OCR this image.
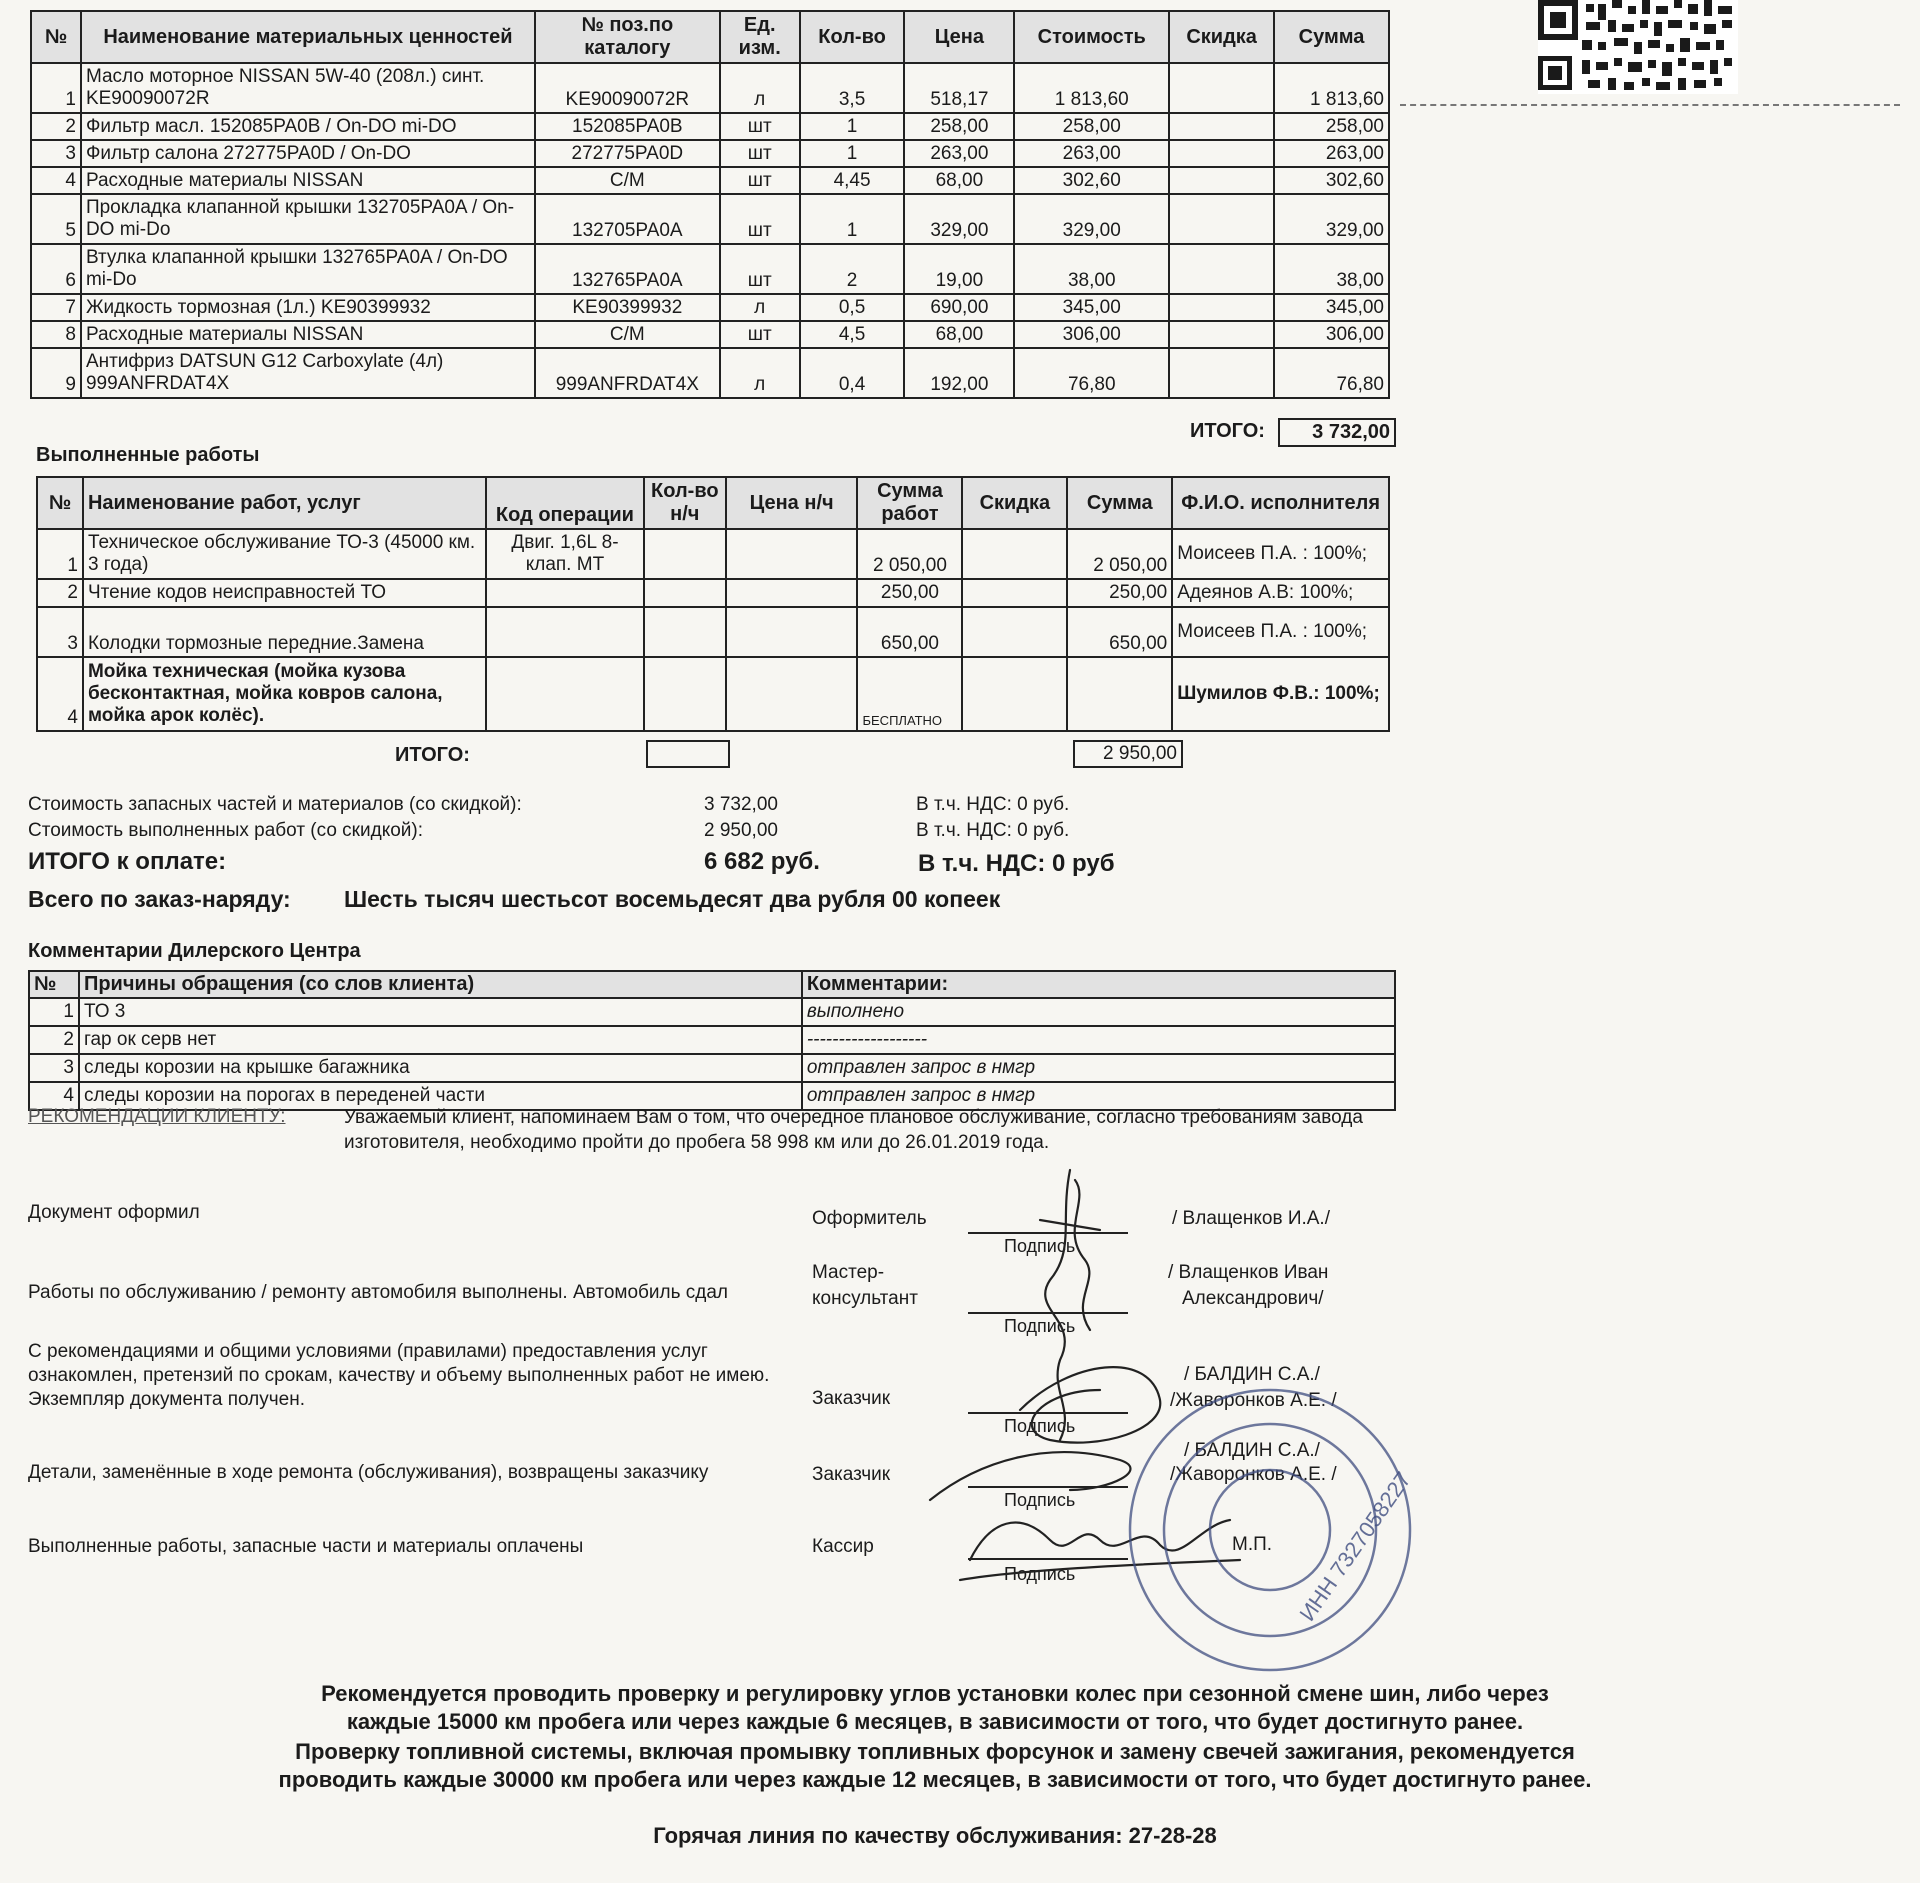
№	Наименование материальных ценностей	№ поз.по каталогу	Ед. изм.	Кол-во	Цена	Стоимость	Скидка	Сумма
1	Масло моторное NISSAN 5W-40 (208л.) синт. KE90090072R	KE90090072R	л	3,5	518,17	1 813,60		1 813,60
2	Фильтр масл. 152085PA0B / On-DO mi-DO	152085PA0B	шт	1	258,00	258,00		258,00
3	Фильтр салона 272775PA0D / On-DO	272775PA0D	шт	1	263,00	263,00		263,00
4	Расходные материалы NISSAN	C/M	шт	4,45	68,00	302,60		302,60
5	Прокладка клапанной крышки 132705PA0A / On-DO mi-Do	132705PA0A	шт	1	329,00	329,00		329,00
6	Втулка клапанной крышки 132765PA0A / On-DO mi-Do	132765PA0A	шт	2	19,00	38,00		38,00
7	Жидкость тормозная (1л.) KE90399932	KE90399932	л	0,5	690,00	345,00		345,00
8	Расходные материалы NISSAN	C/M	шт	4,5	68,00	306,00		306,00
9	Антифриз DATSUN G12 Carboxylate (4л) 999ANFRDAT4X	999ANFRDAT4X	л	0,4	192,00	76,80		76,80
ИТОГО:	3 732,00
Выполненные работы
№	Наименование работ, услуг	Код операции	Кол-во н/ч	Цена н/ч	Сумма работ	Скидка	Сумма	Ф.И.О. исполнителя
1	Техническое обслуживание ТО-3 (45000 км. 3 года)	Двиг. 1,6L 8-клап. MT			2 050,00		2 050,00	Моисеев П.А. : 100%;
2	Чтение кодов неисправностей ТО				250,00		250,00	Адеянов А.В: 100%;
3	Колодки тормозные передние.Замена				650,00		650,00	Моисеев П.А. : 100%;
4	Мойка техническая (мойка кузова бесконтактная, мойка ковров салона, мойка арок колёс).				БЕСПЛАТНО			Шумилов Ф.В.: 100%;
ИТОГО:	2 950,00
Стоимость запасных частей и материалов (со скидкой):	3 732,00	В т.ч. НДС: 0 руб.
Стоимость выполненных работ (со скидкой):	2 950,00	В т.ч. НДС: 0 руб.
ИТОГО к оплате:	6 682 руб.	В т.ч. НДС: 0 руб
Всего по заказ-наряду: Шесть тысяч шестьсот восемьдесят два рубля 00 копеек
Комментарии Дилерского Центра
№	Причины обращения (со слов клиента)	Комментарии:
1	ТО 3	выполнено
2	гар ок серв нет	-------------------
3	следы корозии на крышке багажника	отправлен запрос в нмгр
4	следы корозии на порогах в переденей части	отправлен запрос в нмгр
РЕКОМЕНДАЦИИ КЛИЕНТУ:	Уважаемый клиент, напоминаем Вам о том, что очередное плановое обслуживание, согласно требованиям завода изготовителя, необходимо пройти до пробега 58 998 км или до 26.01.2019 года.
Документ оформил
Работы по обслуживанию / ремонту автомобиля выполнены. Автомобиль сдал
С рекомендациями и общими условиями (правилами) предоставления услуг ознакомлен, претензий по срокам, качеству и объему выполненных работ не имею. Экземпляр документа получен.
Детали, заменённые в ходе ремонта (обслуживания), возвращены заказчику
Выполненные работы, запасные части и материалы оплачены
Оформитель
Мастер-
консультант
Заказчик
Заказчик
Кассир
Подпись
Подпись
Подпись
Подпись
Подпись
/ Влащенков И.А./
/ Влащенков Иван
Александрович/
/ БАЛДИН С.А./
/Жаворонков А.Е. /
/ БАЛДИН С.А./
/Жаворонков А.Е. /
М.П. ИНН 7327058227
Рекомендуется проводить проверку и регулировку углов установки колес при сезонной смене шин, либо через
каждые 15000 км пробега или через каждые 6 месяцев, в зависимости от того, что будет достигнуто ранее.
Проверку топливной системы, включая промывку топливных форсунок и замену свечей зажигания, рекомендуется
проводить каждые 30000 км пробега или через каждые 12 месяцев, в зависимости от того, что будет достигнуто ранее.
Горячая линия по качеству обслуживания: 27-28-28
